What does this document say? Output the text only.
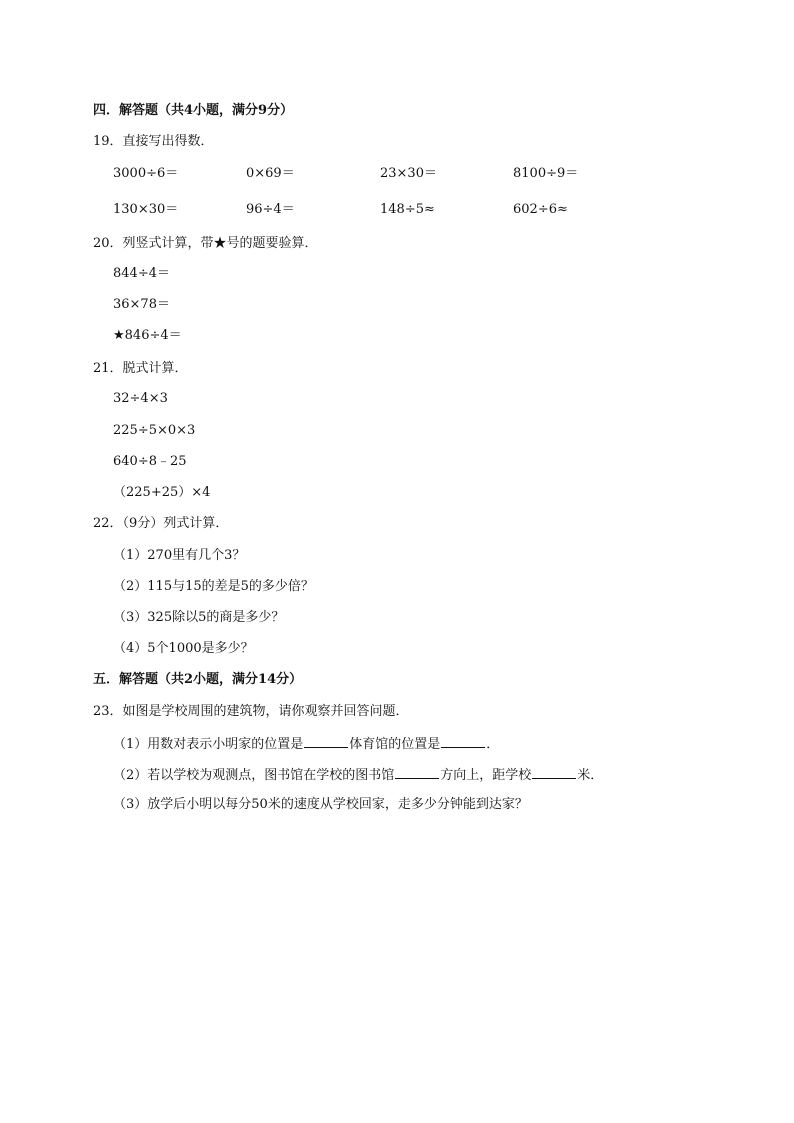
四．解答题（共4小题，满分9分）
19．直接写出得数．
3000÷6＝	0×69＝	23×30＝	8100÷9＝
130×30＝	96÷4＝	148÷5≈	602÷6≈
20．列竖式计算，带★号的题要验算．
844÷4＝
36×78＝
★846÷4＝
21．脱式计算．
32÷4×3
225÷5×0×3
640÷8﹣25
（225+25）×4
22．（9分）列式计算．
（1）270里有几个3？
（2）115与15的差是5的多少倍？
（3）325除以5的商是多少？
（4）5个1000是多少？
五．解答题（共2小题，满分14分）
23．如图是学校周围的建筑物，请你观察并回答问题．
（1）用数对表示小明家的位置是	体育馆的位置是	．
（2）若以学校为观测点，图书馆在学校的图书馆	方向上，距学校	米．
（3）放学后小明以每分50米的速度从学校回家，走多少分钟能到达家？
